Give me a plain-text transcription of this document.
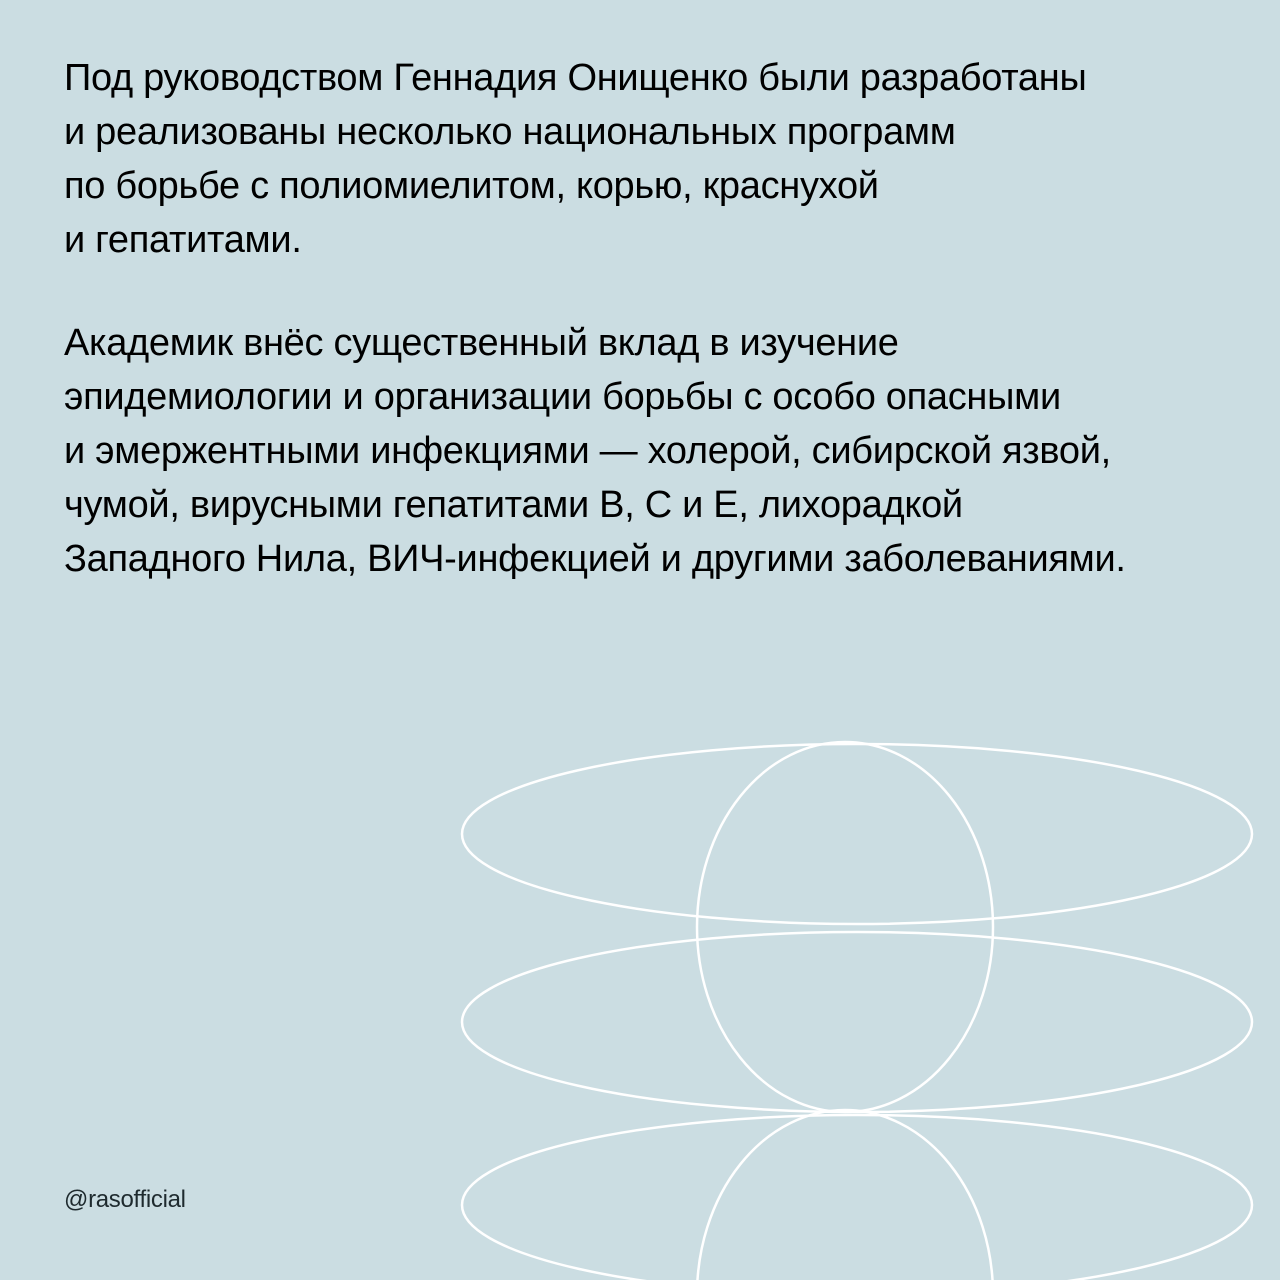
Под руководством Геннадия Онищенко были разработаны
и реализованы несколько национальных программ
по борьбе с полиомиелитом, корью, краснухой
и гепатитами.
Академик внёс существенный вклад в изучение
эпидемиологии и организации борьбы с особо опасными
и эмержентными инфекциями — холерой, сибирской язвой,
чумой, вирусными гепатитами В, С и Е, лихорадкой
Западного Нила, ВИЧ-инфекцией и другими заболеваниями.
@rasofficial
